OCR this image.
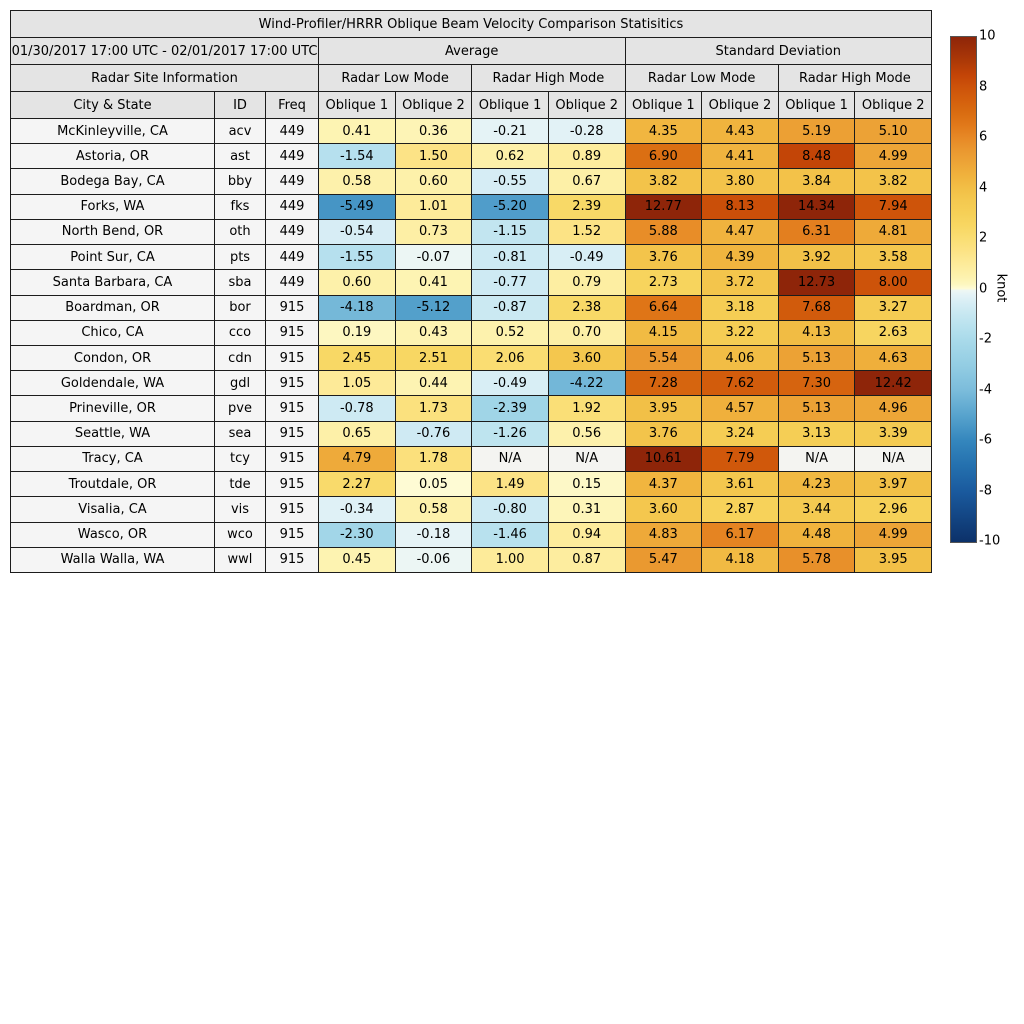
Wind-Profiler/HRRR Oblique Beam Velocity Comparison Statisitics										
01/30/2017 17:00 UTC - 02/01/2017 17:00 UTC			Average				Standard Deviation			
Radar Site Information			Radar Low Mode		Radar High Mode		Radar Low Mode		Radar High Mode	
City & State	ID	Freq	Oblique 1	Oblique 2	Oblique 1	Oblique 2	Oblique 1	Oblique 2	Oblique 1	Oblique 2
McKinleyville, CA	acv	449	0.41	0.36	-0.21	-0.28	4.35	4.43	5.19	5.10
Astoria, OR	ast	449	-1.54	1.50	0.62	0.89	6.90	4.41	8.48	4.99
Bodega Bay, CA	bby	449	0.58	0.60	-0.55	0.67	3.82	3.80	3.84	3.82
Forks, WA	fks	449	-5.49	1.01	-5.20	2.39	12.77	8.13	14.34	7.94
North Bend, OR	oth	449	-0.54	0.73	-1.15	1.52	5.88	4.47	6.31	4.81
Point Sur, CA	pts	449	-1.55	-0.07	-0.81	-0.49	3.76	4.39	3.92	3.58
Santa Barbara, CA	sba	449	0.60	0.41	-0.77	0.79	2.73	3.72	12.73	8.00
Boardman, OR	bor	915	-4.18	-5.12	-0.87	2.38	6.64	3.18	7.68	3.27
Chico, CA	cco	915	0.19	0.43	0.52	0.70	4.15	3.22	4.13	2.63
Condon, OR	cdn	915	2.45	2.51	2.06	3.60	5.54	4.06	5.13	4.63
Goldendale, WA	gdl	915	1.05	0.44	-0.49	-4.22	7.28	7.62	7.30	12.42
Prineville, OR	pve	915	-0.78	1.73	-2.39	1.92	3.95	4.57	5.13	4.96
Seattle, WA	sea	915	0.65	-0.76	-1.26	0.56	3.76	3.24	3.13	3.39
Tracy, CA	tcy	915	4.79	1.78	N/A	N/A	10.61	7.79	N/A	N/A
Troutdale, OR	tde	915	2.27	0.05	1.49	0.15	4.37	3.61	4.23	3.97
Visalia, CA	vis	915	-0.34	0.58	-0.80	0.31	3.60	2.87	3.44	2.96
Wasco, OR	wco	915	-2.30	-0.18	-1.46	0.94	4.83	6.17	4.48	4.99
Walla Walla, WA	wwl	915	0.45	-0.06	1.00	0.87	5.47	4.18	5.78	3.95
10
8
6
4
2
0
-2
-4
-6
-8
-10
knot
